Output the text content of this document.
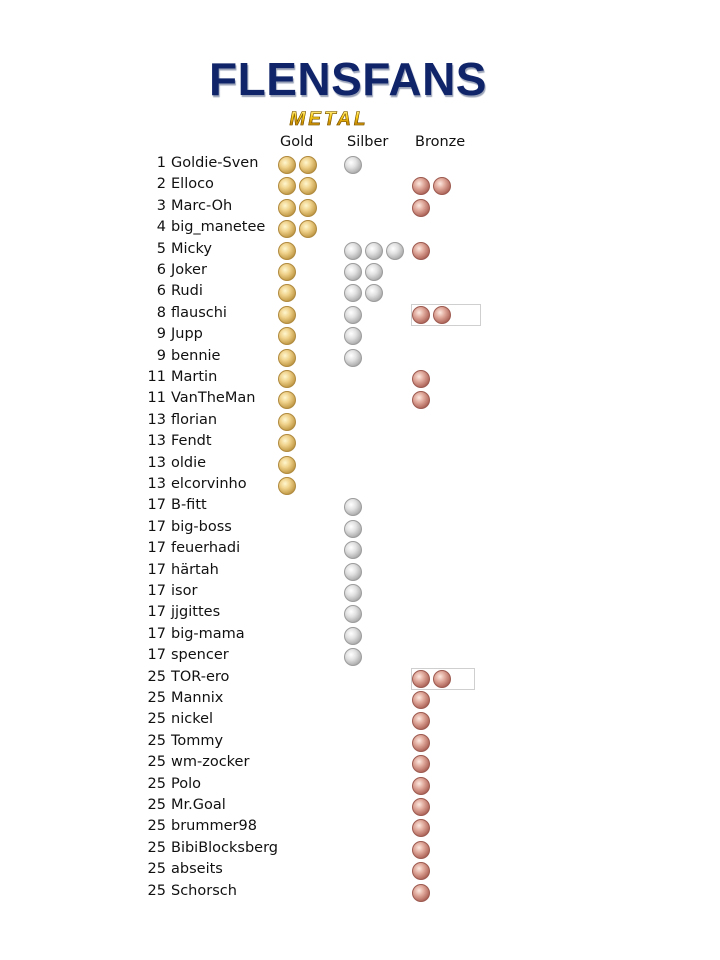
FLENSFANS
METAL
Gold Silber Bronze
1 Goldie-Sven
2 Elloco
3 Marc-Oh
4 big_manetee
5 Micky
6 Joker
6 Rudi
8 flauschi
9 Jupp
9 bennie
11 Martin
11 VanTheMan
13 florian
13 Fendt
13 oldie
13 elcorvinho
17 B-fitt
17 big-boss
17 feuerhadi
17 härtah
17 isor
17 jjgittes
17 big-mama
17 spencer
25 TOR-ero
25 Mannix
25 nickel
25 Tommy
25 wm-zocker
25 Polo
25 Mr.Goal
25 brummer98
25 BibiBlocksberg
25 abseits
25 Schorsch
